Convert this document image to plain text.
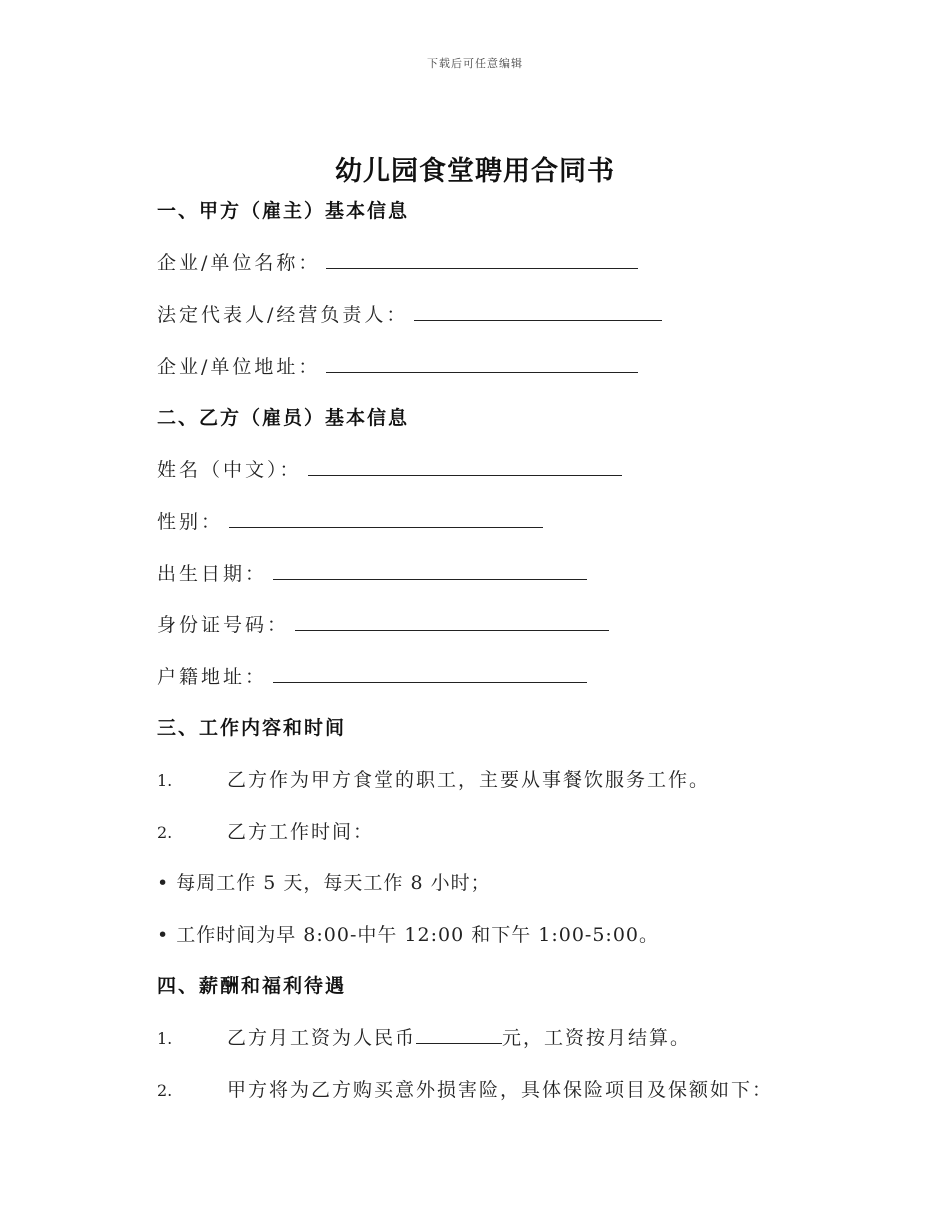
下载后可任意编辑
幼儿园食堂聘用合同书
一、甲方（雇主）基本信息
企业/单位名称：
法定代表人/经营负责人：
企业/单位地址：
二、乙方（雇员）基本信息
姓名（中文）：
性别：
出生日期：
身份证号码：
户籍地址：
三、工作内容和时间
1.	乙方作为甲方食堂的职工，主要从事餐饮服务工作。
2.	乙方工作时间：
• 每周工作 5 天，每天工作 8 小时；
• 工作时间为早 8:00-中午 12:00 和下午 1:00-5:00。
四、薪酬和福利待遇
1.	乙方月工资为人民币	元，工资按月结算。
2.	甲方将为乙方购买意外损害险，具体保险项目及保额如下：
